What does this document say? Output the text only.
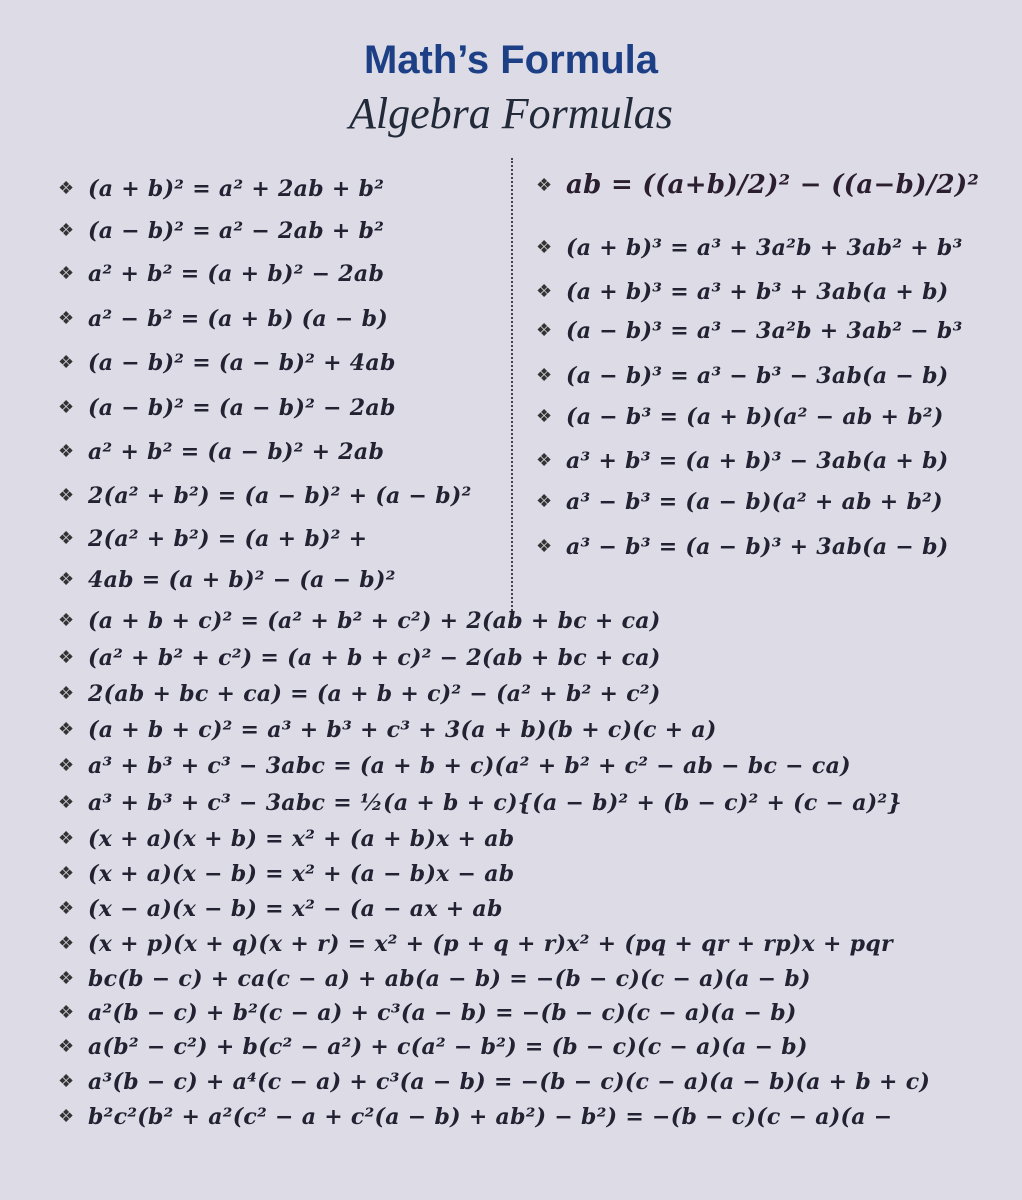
Math’s Formula
Algebra Formulas
❖(a + b)² = a² + 2ab + b²
❖(a − b)² = a² − 2ab + b²
❖a² + b² = (a + b)² − 2ab
❖a² − b² = (a + b) (a − b)
❖(a − b)² = (a − b)² + 4ab
❖(a − b)² = (a − b)² − 2ab
❖a² + b² = (a − b)² + 2ab
❖2(a² + b²) = (a − b)² + (a − b)²
❖2(a² + b²) = (a + b)² +
❖4ab = (a + b)² − (a − b)²
❖ab = ((a+b)/2)² − ((a−b)/2)²
❖(a + b)³ = a³ + 3a²b + 3ab² + b³
❖(a + b)³ = a³ + b³ + 3ab(a + b)
❖(a − b)³ = a³ − 3a²b + 3ab² − b³
❖(a − b)³ = a³ − b³ − 3ab(a − b)
❖(a − b³ = (a + b)(a² − ab + b²)
❖a³ + b³ = (a + b)³ − 3ab(a + b)
❖a³ − b³ = (a − b)(a² + ab + b²)
❖a³ − b³ = (a − b)³ + 3ab(a − b)
❖(a + b + c)² = (a² + b² + c²) + 2(ab + bc + ca)
❖(a² + b² + c²) = (a + b + c)² − 2(ab + bc + ca)
❖2(ab + bc + ca) = (a + b + c)² − (a² + b² + c²)
❖(a + b + c)² = a³ + b³ + c³ + 3(a + b)(b + c)(c + a)
❖a³ + b³ + c³ − 3abc = (a + b + c)(a² + b² + c² − ab − bc − ca)
❖a³ + b³ + c³ − 3abc = ½(a + b + c){(a − b)² + (b − c)² + (c − a)²}
❖(x + a)(x + b) = x² + (a + b)x + ab
❖(x + a)(x − b) = x² + (a − b)x − ab
❖(x − a)(x − b) = x² − (a − ax + ab
❖(x + p)(x + q)(x + r) = x² + (p + q + r)x² + (pq + qr + rp)x + pqr
❖bc(b − c) + ca(c − a) + ab(a − b) = −(b − c)(c − a)(a − b)
❖a²(b − c) + b²(c − a) + c³(a − b) = −(b − c)(c − a)(a − b)
❖a(b² − c²) + b(c² − a²) + c(a² − b²) = (b − c)(c − a)(a − b)
❖a³(b − c) + a⁴(c − a) + c³(a − b) = −(b − c)(c − a)(a − b)(a + b + c)
❖b²c²(b² + a²(c² − a + c²(a − b) + ab²) − b²) = −(b − c)(c − a)(a −
